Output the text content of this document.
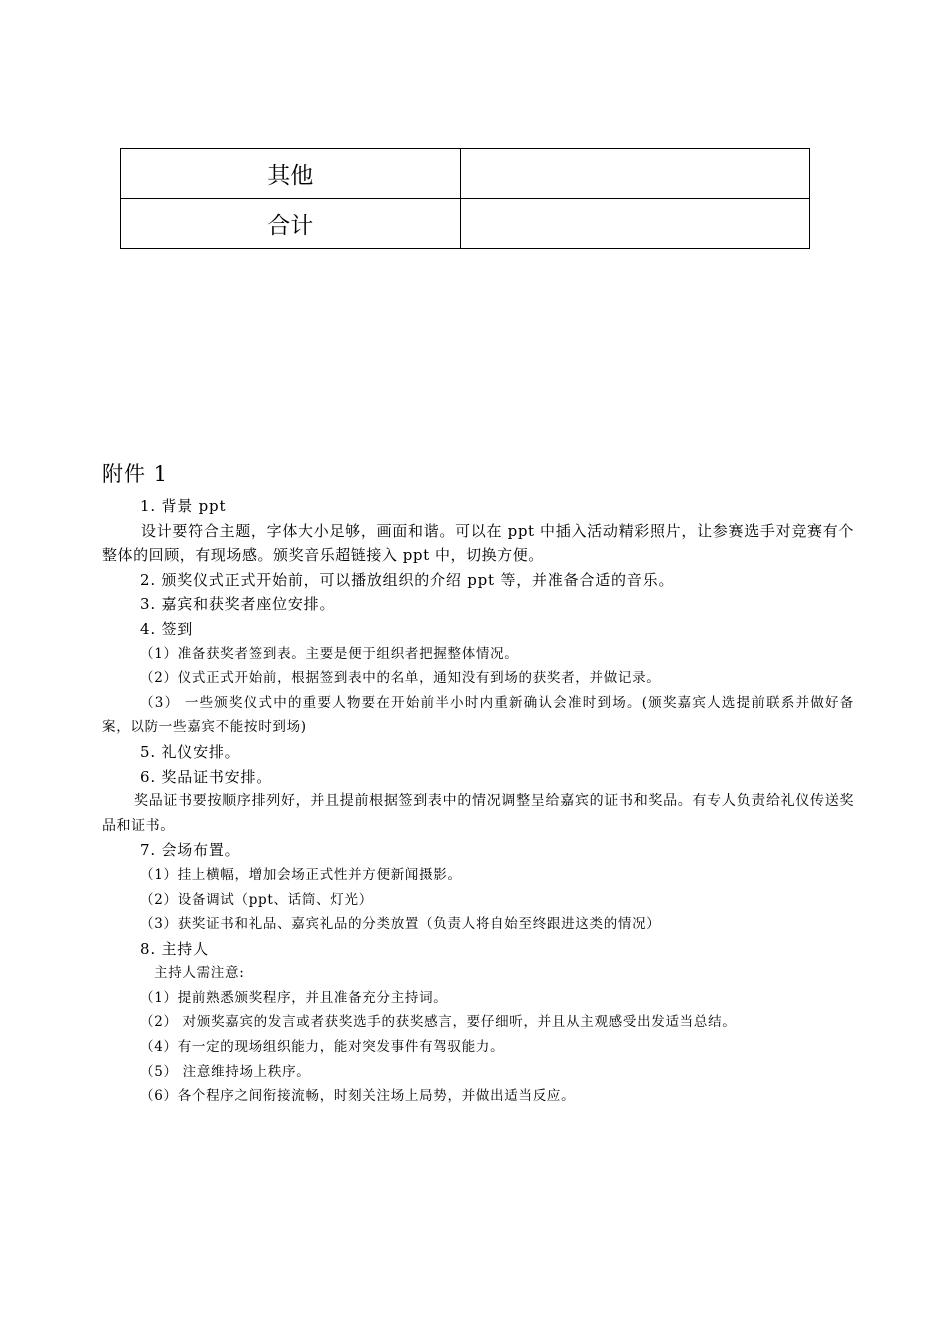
其他	
合计	
附件 1

1. 背景 ppt

设计要符合主题，字体大小足够，画面和谐。可以在 ppt 中插入活动精彩照片，让参赛选手对竞赛有个整体的回顾，有现场感。颁奖音乐超链接入 ppt 中，切换方便。

2. 颁奖仪式正式开始前，可以播放组织的介绍 ppt 等，并准备合适的音乐。

3. 嘉宾和获奖者座位安排。

4. 签到

（1）准备获奖者签到表。主要是便于组织者把握整体情况。

（2）仪式正式开始前，根据签到表中的名单，通知没有到场的获奖者，并做记录。

（3） 一些颁奖仪式中的重要人物要在开始前半小时内重新确认会准时到场。(颁奖嘉宾人选提前联系并做好备案，以防一些嘉宾不能按时到场)

5. 礼仪安排。

6. 奖品证书安排。

奖品证书要按顺序排列好，并且提前根据签到表中的情况调整呈给嘉宾的证书和奖品。有专人负责给礼仪传送奖品和证书。

7. 会场布置。

（1）挂上横幅，增加会场正式性并方便新闻摄影。

（2）设备调试（ppt、话筒、灯光）

（3）获奖证书和礼品、嘉宾礼品的分类放置（负责人将自始至终跟进这类的情况）

8. 主持人

主持人需注意:

（1）提前熟悉颁奖程序，并且准备充分主持词。

（2） 对颁奖嘉宾的发言或者获奖选手的获奖感言，要仔细听，并且从主观感受出发适当总结。

（4）有一定的现场组织能力，能对突发事件有驾驭能力。

（5） 注意维持场上秩序。

（6）各个程序之间衔接流畅，时刻关注场上局势，并做出适当反应。
